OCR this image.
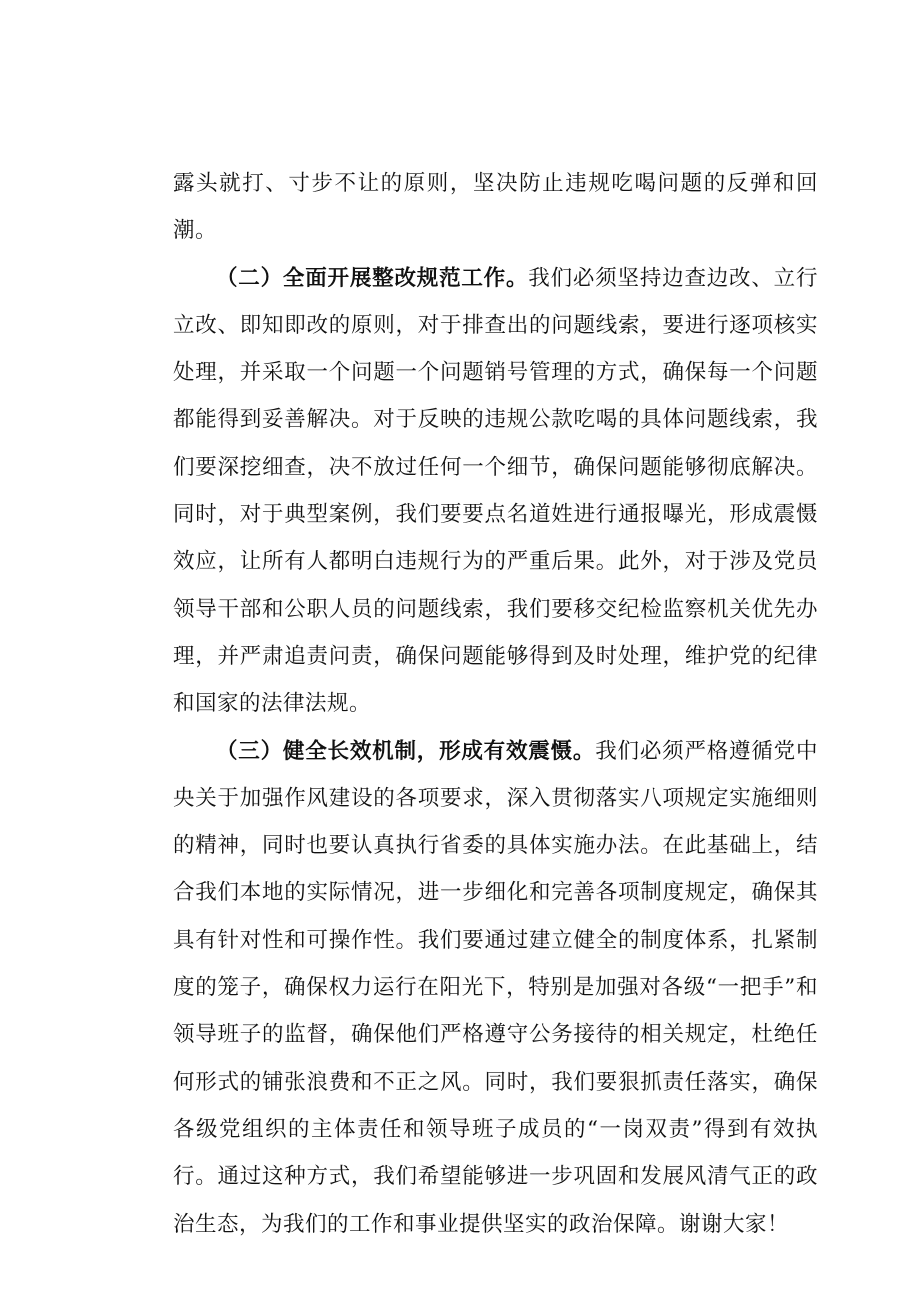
露头就打、寸步不让的原则，坚决防止违规吃喝问题的反弹和回潮。

（二）全面开展整改规范工作。我们必须坚持边查边改、立行立改、即知即改的原则，对于排查出的问题线索，要进行逐项核实处理，并采取一个问题一个问题销号管理的方式，确保每一个问题都能得到妥善解决。对于反映的违规公款吃喝的具体问题线索，我们要深挖细查，决不放过任何一个细节，确保问题能够彻底解决。同时，对于典型案例，我们要要点名道姓进行通报曝光，形成震慑效应，让所有人都明白违规行为的严重后果。此外，对于涉及党员领导干部和公职人员的问题线索，我们要移交纪检监察机关优先办理，并严肃追责问责，确保问题能够得到及时处理，维护党的纪律和国家的法律法规。

（三）健全长效机制，形成有效震慑。我们必须严格遵循党中央关于加强作风建设的各项要求，深入贯彻落实八项规定实施细则的精神，同时也要认真执行省委的具体实施办法。在此基础上，结合我们本地的实际情况，进一步细化和完善各项制度规定，确保其具有针对性和可操作性。我们要通过建立健全的制度体系，扎紧制度的笼子，确保权力运行在阳光下，特别是加强对各级“一把手”和领导班子的监督，确保他们严格遵守公务接待的相关规定，杜绝任何形式的铺张浪费和不正之风。同时，我们要狠抓责任落实，确保各级党组织的主体责任和领导班子成员的“一岗双责”得到有效执行。通过这种方式，我们希望能够进一步巩固和发展风清气正的政治生态，为我们的工作和事业提供坚实的政治保障。谢谢大家！
